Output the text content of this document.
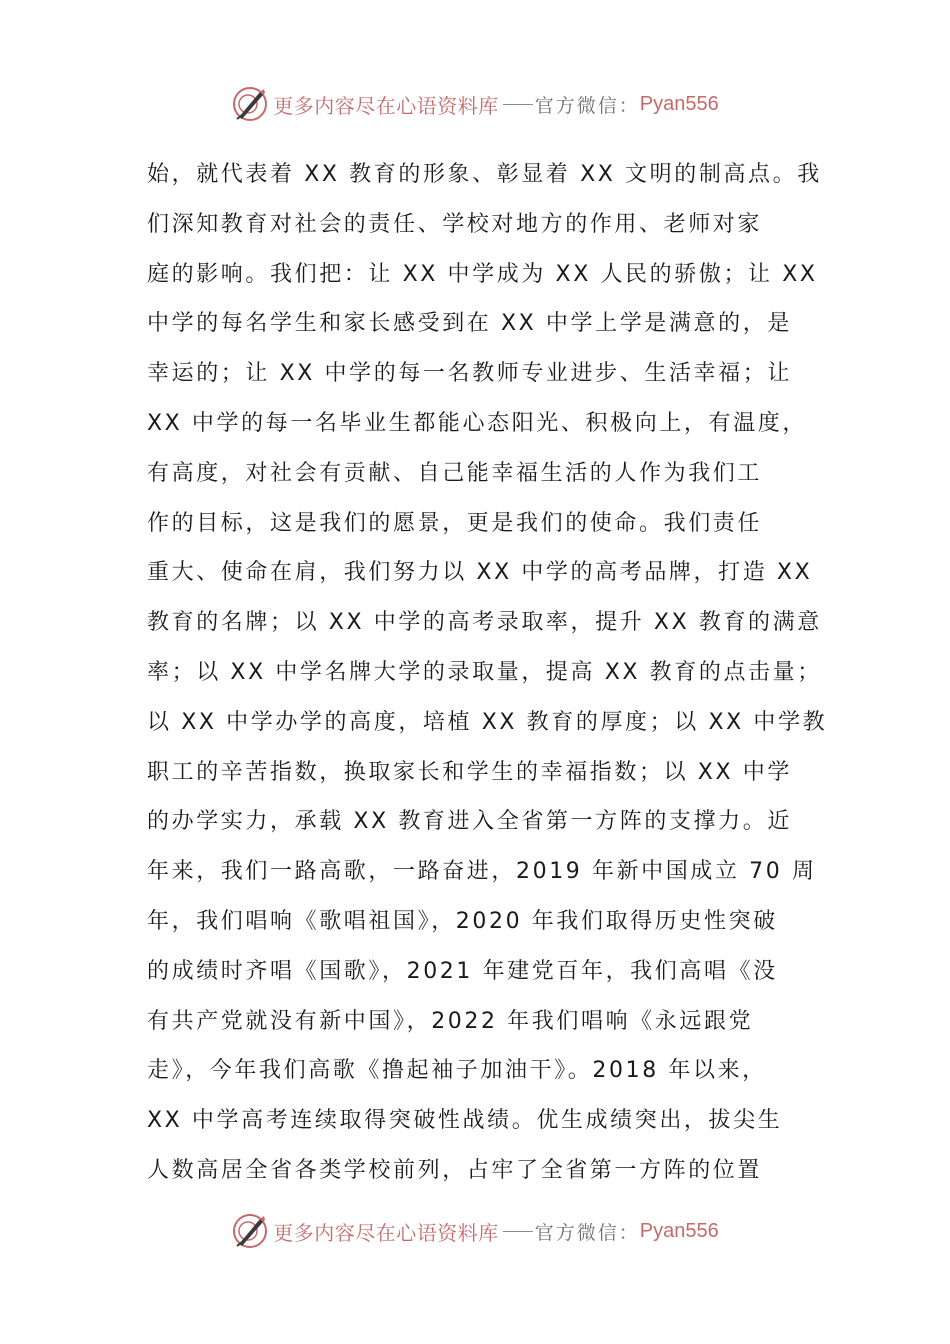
更多内容尽在心语资料库 官方微信： Pyan556
始，就代表着 XX 教育的形象、彰显着 XX 文明的制高点。我
们深知教育对社会的责任、学校对地方的作用、老师对家
庭的影响。我们把：让 XX 中学成为 XX 人民的骄傲；让 XX
中学的每名学生和家长感受到在 XX 中学上学是满意的，是
幸运的；让 XX 中学的每一名教师专业进步、生活幸福；让
XX 中学的每一名毕业生都能心态阳光、积极向上，有温度，
有高度，对社会有贡献、自己能幸福生活的人作为我们工
作的目标，这是我们的愿景，更是我们的使命。我们责任
重大、使命在肩，我们努力以 XX 中学的高考品牌，打造 XX
教育的名牌；以 XX 中学的高考录取率，提升 XX 教育的满意
率；以 XX 中学名牌大学的录取量，提高 XX 教育的点击量；
以 XX 中学办学的高度，培植 XX 教育的厚度；以 XX 中学教
职工的辛苦指数，换取家长和学生的幸福指数；以 XX 中学
的办学实力，承载 XX 教育进入全省第一方阵的支撑力。近
年来，我们一路高歌，一路奋进，2019 年新中国成立 70 周
年，我们唱响《歌唱祖国》，2020 年我们取得历史性突破
的成绩时齐唱《国歌》，2021 年建党百年，我们高唱《没
有共产党就没有新中国》，2022 年我们唱响《永远跟党
走》，今年我们高歌《撸起袖子加油干》。2018 年以来，
XX 中学高考连续取得突破性战绩。优生成绩突出，拔尖生
人数高居全省各类学校前列，占牢了全省第一方阵的位置
更多内容尽在心语资料库 官方微信： Pyan556
